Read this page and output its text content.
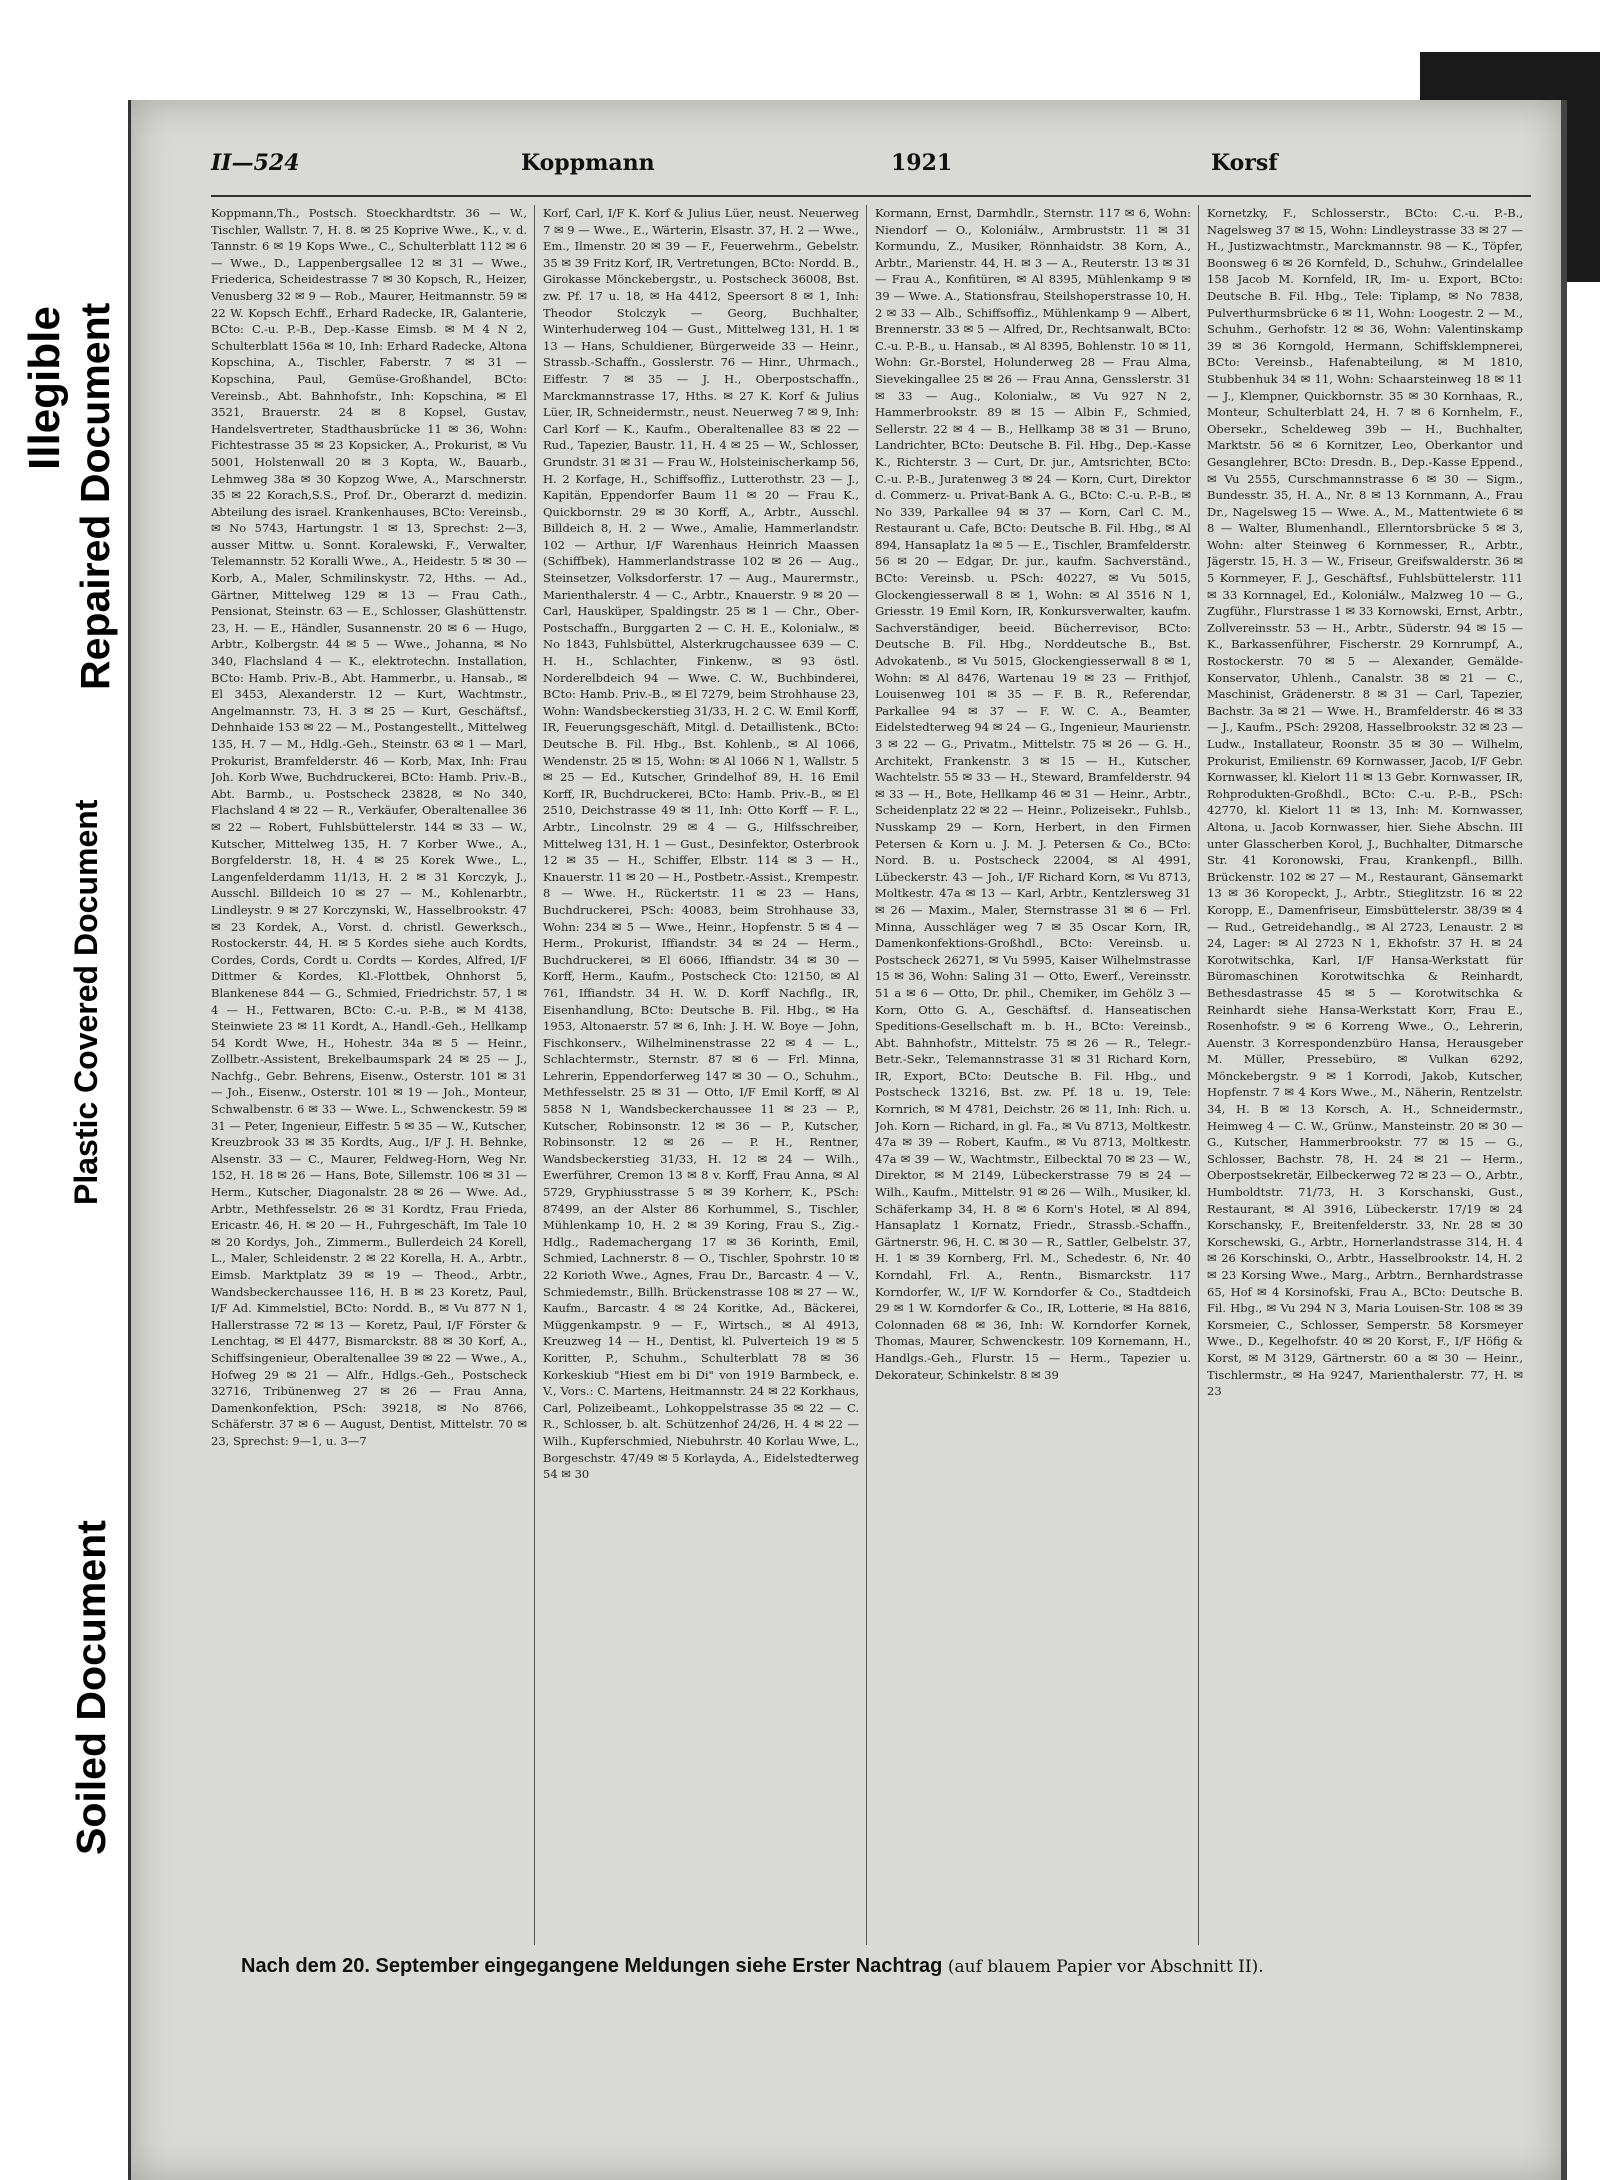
Illegible Repaired Document
Plastic Covered Document
Soiled Document
II—524	Koppmann	1921	Korsf

Koppmann,Th., Postsch. Stoeckhardtstr. 36 — W., Tischler, Wallstr. 7, H. 8. ✉ 25 Koprive Wwe., K., v. d. Tannstr. 6 ✉ 19 Kops Wwe., C., Schulterblatt 112 ✉ 6 — Wwe., D., Lappenbergsallee 12 ✉ 31 — Wwe., Friederica, Scheidestrasse 7 ✉ 30 Kopsch, R., Heizer, Venusberg 32 ✉ 9 — Rob., Maurer, Heitmannstr. 59 ✉ 22 W. Kopsch Echff., Erhard Radecke, IR, Galanterie, BCto: C.-u. P.-B., Dep.-Kasse Eimsb. ✉ M 4 N 2, Schulterblatt 156a ✉ 10, Inh: Erhard Radecke, Altona Kopschina, A., Tischler, Faberstr. 7 ✉ 31 — Kopschina, Paul, Gemüse-Großhandel, BCto: Vereinsb., Abt. Bahnhofstr., Inh: Kopschina, ✉ El 3521, Brauerstr. 24 ✉ 8 Kopsel, Gustav, Handelsvertreter, Stadthausbrücke 11 ✉ 36, Wohn: Fichtestrasse 35 ✉ 23 Kopsicker, A., Prokurist, ✉ Vu 5001, Holstenwall 20 ✉ 3 Kopta, W., Bauarb., Lehmweg 38a ✉ 30 Kopzog Wwe, A., Marschnerstr. 35 ✉ 22 Korach,S.S., Prof. Dr., Oberarzt d. medizin. Abteilung des israel. Krankenhauses, BCto: Vereinsb., ✉ No 5743, Hartungstr. 1 ✉ 13, Sprechst: 2—3, ausser Mittw. u. Sonnt. Koralewski, F., Verwalter, Telemannstr. 52 Koralli Wwe., A., Heidestr. 5 ✉ 30 — Korb, A., Maler, Schmilinskystr. 72, Hths. — Ad., Gärtner, Mittelweg 129 ✉ 13 — Frau Cath., Pensionat, Steinstr. 63 — E., Schlosser, Glashüttenstr. 23, H. — E., Händler, Susannenstr. 20 ✉ 6 — Hugo, Arbtr., Kolbergstr. 44 ✉ 5 — Wwe., Johanna, ✉ No 340, Flachsland 4 — K., elektrotechn. Installation, BCto: Hamb. Priv.-B., Abt. Hammerbr., u. Hansab., ✉ El 3453, Alexanderstr. 12 — Kurt, Wachtmstr., Angelmannstr. 73, H. 3 ✉ 25 — Kurt, Geschäftsf., Dehnhaide 153 ✉ 22 — M., Postangestellt., Mittelweg 135, H. 7 — M., Hdlg.-Geh., Steinstr. 63 ✉ 1 — Marl, Prokurist, Bramfelderstr. 46 — Korb, Max, Inh: Frau Joh. Korb Wwe, Buchdruckerei, BCto: Hamb. Priv.-B., Abt. Barmb., u. Postscheck 23828, ✉ No 340, Flachsland 4 ✉ 22 — R., Verkäufer, Oberaltenallee 36 ✉ 22 — Robert, Fuhlsbüttelerstr. 144 ✉ 33 — W., Kutscher, Mittelweg 135, H. 7 Korber Wwe., A., Borgfelderstr. 18, H. 4 ✉ 25 Korek Wwe., L., Langenfelderdamm 11/13, H. 2 ✉ 31 Korczyk, J., Ausschl. Billdeich 10 ✉ 27 — M., Kohlenarbtr., Lindleystr. 9 ✉ 27 Korczynski, W., Hasselbrookstr. 47 ✉ 23 Kordek, A., Vorst. d. christl. Gewerksch., Rostockerstr. 44, H. ✉ 5 Kordes siehe auch Kordts, Cordes, Cords, Cordt u. Cordts — Kordes, Alfred, I/F Dittmer & Kordes, Kl.-Flottbek, Ohnhorst 5, Blankenese 844 — G., Schmied, Friedrichstr. 57, 1 ✉ 4 — H., Fettwaren, BCto: C.-u. P.-B., ✉ M 4138, Steinwiete 23 ✉ 11 Kordt, A., Handl.-Geh., Hellkamp 54 Kordt Wwe, H., Hohestr. 34a ✉ 5 — Heinr., Zollbetr.-Assistent, Brekelbaumspark 24 ✉ 25 — J., Nachfg., Gebr. Behrens, Eisenw., Osterstr. 101 ✉ 31 — Joh., Eisenw., Osterstr. 101 ✉ 19 — Joh., Monteur, Schwalbenstr. 6 ✉ 33 — Wwe. L., Schwenckestr. 59 ✉ 31 — Peter, Ingenieur, Eiffestr. 5 ✉ 35 — W., Kutscher, Kreuzbrook 33 ✉ 35 Kordts, Aug., I/F J. H. Behnke, Alsenstr. 33 — C., Maurer, Feldweg-Horn, Weg Nr. 152, H. 18 ✉ 26 — Hans, Bote, Sillemstr. 106 ✉ 31 — Herm., Kutscher, Diagonalstr. 28 ✉ 26 — Wwe. Ad., Arbtr., Methfesselstr. 26 ✉ 31 Kordtz, Frau Frieda, Ericastr. 46, H. ✉ 20 — H., Fuhrgeschäft, Im Tale 10 ✉ 20 Kordys, Joh., Zimmerm., Bullerdeich 24 Korell, L., Maler, Schleidenstr. 2 ✉ 22 Korella, H. A., Arbtr., Eimsb. Marktplatz 39 ✉ 19 — Theod., Arbtr., Wandsbeckerchaussee 116, H. B ✉ 23 Koretz, Paul, I/F Ad. Kimmelstiel, BCto: Nordd. B., ✉ Vu 877 N 1, Hallerstrasse 72 ✉ 13 — Koretz, Paul, I/F Förster & Lenchtag, ✉ El 4477, Bismarckstr. 88 ✉ 30 Korf, A., Schiffsingenieur, Oberaltenallee 39 ✉ 22 — Wwe., A., Hofweg 29 ✉ 21 — Alfr., Hdlgs.-Geh., Postscheck 32716, Tribünenweg 27 ✉ 26 — Frau Anna, Damenkonfektion, PSch: 39218, ✉ No 8766, Schäferstr. 37 ✉ 6 — August, Dentist, Mittelstr. 70 ✉ 23, Sprechst: 9—1, u. 3—7

Korf, Carl, I/F K. Korf & Julius Lüer, neust. Neuerweg 7 ✉ 9 — Wwe., E., Wärterin, Elsastr. 37, H. 2 — Wwe., Em., Ilmenstr. 20 ✉ 39 — F., Feuerwehrm., Gebelstr. 35 ✉ 39 Fritz Korf, IR, Vertretungen, BCto: Nordd. B., Girokasse Mönckebergstr., u. Postscheck 36008, Bst. zw. Pf. 17 u. 18, ✉ Ha 4412, Speersort 8 ✉ 1, Inh: Theodor Stolczyk — Georg, Buchhalter, Winterhuderweg 104 — Gust., Mittelweg 131, H. 1 ✉ 13 — Hans, Schuldiener, Bürgerweide 33 — Heinr., Strassb.-Schaffn., Gosslerstr. 76 — Hinr., Uhrmach., Eiffestr. 7 ✉ 35 — J. H., Oberpostschaffn., Marckmannstrasse 17, Hths. ✉ 27 K. Korf & Julius Lüer, IR, Schneidermstr., neust. Neuerweg 7 ✉ 9, Inh: Carl Korf — K., Kaufm., Oberaltenallee 83 ✉ 22 — Rud., Tapezier, Baustr. 11, H. 4 ✉ 25 — W., Schlosser, Grundstr. 31 ✉ 31 — Frau W., Holsteinischerkamp 56, H. 2 Korfage, H., Schiffsoffiz., Lutterothstr. 23 — J., Kapitän, Eppendorfer Baum 11 ✉ 20 — Frau K., Quickbornstr. 29 ✉ 30 Korff, A., Arbtr., Ausschl. Billdeich 8, H. 2 — Wwe., Amalie, Hammerlandstr. 102 — Arthur, I/F Warenhaus Heinrich Maassen (Schiffbek), Hammerlandstrasse 102 ✉ 26 — Aug., Steinsetzer, Volksdorferstr. 17 — Aug., Maurermstr., Marienthalerstr. 4 — C., Arbtr., Knauerstr. 9 ✉ 20 — Carl, Hausküper, Spaldingstr. 25 ✉ 1 — Chr., Ober-Postschaffn., Burggarten 2 — C. H. E., Kolonialw., ✉ No 1843, Fuhlsbüttel, Alsterkrugchaussee 639 — C. H. H., Schlachter, Finkenw., ✉ 93 östl. Norderelbdeich 94 — Wwe. C. W., Buchbinderei, BCto: Hamb. Priv.-B., ✉ El 7279, beim Strohhause 23, Wohn: Wandsbeckerstieg 31/33, H. 2 C. W. Emil Korff, IR, Feuerungsgeschäft, Mitgl. d. Detaillistenk., BCto: Deutsche B. Fil. Hbg., Bst. Kohlenb., ✉ Al 1066, Wendenstr. 25 ✉ 15, Wohn: ✉ Al 1066 N 1, Wallstr. 5 ✉ 25 — Ed., Kutscher, Grindelhof 89, H. 16 Emil Korff, IR, Buchdruckerei, BCto: Hamb. Priv.-B., ✉ El 2510, Deichstrasse 49 ✉ 11, Inh: Otto Korff — F. L., Arbtr., Lincolnstr. 29 ✉ 4 — G., Hilfsschreiber, Mittelweg 131, H. 1 — Gust., Desinfektor, Osterbrook 12 ✉ 35 — H., Schiffer, Elbstr. 114 ✉ 3 — H., Knauerstr. 11 ✉ 20 — H., Postbetr.-Assist., Krempestr. 8 — Wwe. H., Rückertstr. 11 ✉ 23 — Hans, Buchdruckerei, PSch: 40083, beim Strohhause 33, Wohn: 234 ✉ 5 — Wwe., Heinr., Hopfenstr. 5 ✉ 4 — Herm., Prokurist, Iffiandstr. 34 ✉ 24 — Herm., Buchdruckerei, ✉ El 6066, Iffiandstr. 34 ✉ 30 — Korff, Herm., Kaufm., Postscheck Cto: 12150, ✉ Al 761, Iffiandstr. 34 H. W. D. Korff Nachflg., IR, Eisenhandlung, BCto: Deutsche B. Fil. Hbg., ✉ Ha 1953, Altonaerstr. 57 ✉ 6, Inh: J. H. W. Boye — John, Fischkonserv., Wilhelminenstrasse 22 ✉ 4 — L., Schlachtermstr., Sternstr. 87 ✉ 6 — Frl. Minna, Lehrerin, Eppendorferweg 147 ✉ 30 — O., Schuhm., Methfesselstr. 25 ✉ 31 — Otto, I/F Emil Korff, ✉ Al 5858 N 1, Wandsbeckerchaussee 11 ✉ 23 — P., Kutscher, Robinsonstr. 12 ✉ 36 — P., Kutscher, Robinsonstr. 12 ✉ 26 — P. H., Rentner, Wandsbeckerstieg 31/33, H. 12 ✉ 24 — Wilh., Ewerführer, Cremon 13 ✉ 8 v. Korff, Frau Anna, ✉ Al 5729, Gryphiusstrasse 5 ✉ 39 Korherr, K., PSch: 87499, an der Alster 86 Korhummel, S., Tischler, Mühlenkamp 10, H. 2 ✉ 39 Koring, Frau S., Zig.-Hdlg., Rademachergang 17 ✉ 36 Korinth, Emil, Schmied, Lachnerstr. 8 — O., Tischler, Spohrstr. 10 ✉ 22 Korioth Wwe., Agnes, Frau Dr., Barcastr. 4 — V., Schmiedemstr., Billh. Brückenstrasse 108 ✉ 27 — W., Kaufm., Barcastr. 4 ✉ 24 Koritke, Ad., Bäckerei, Müggenkampstr. 9 — F., Wirtsch., ✉ Al 4913, Kreuzweg 14 — H., Dentist, kl. Pulverteich 19 ✉ 5 Koritter, P., Schuhm., Schulterblatt 78 ✉ 36 Korkeskiub "Hiest em bi Di" von 1919 Barmbeck, e. V., Vors.: C. Martens, Heitmannstr. 24 ✉ 22 Korkhaus, Carl, Polizeibeamt., Lohkoppelstrasse 35 ✉ 22 — C. R., Schlosser, b. alt. Schützenhof 24/26, H. 4 ✉ 22 — Wilh., Kupferschmied, Niebuhrstr. 40 Korlau Wwe, L., Borgeschstr. 47/49 ✉ 5 Korlayda, A., Eidelstedterweg 54 ✉ 30

Kormann, Ernst, Darmhdlr., Sternstr. 117 ✉ 6, Wohn: Niendorf — O., Koloniálw., Armbruststr. 11 ✉ 31 Kormundu, Z., Musiker, Rönnhaidstr. 38 Korn, A., Arbtr., Marienstr. 44, H. ✉ 3 — A., Reuterstr. 13 ✉ 31 — Frau A., Konfitüren, ✉ Al 8395, Mühlenkamp 9 ✉ 39 — Wwe. A., Stationsfrau, Steilshoperstrasse 10, H. 2 ✉ 33 — Alb., Schiffsoffiz., Mühlenkamp 9 — Albert, Brennerstr. 33 ✉ 5 — Alfred, Dr., Rechtsanwalt, BCto: C.-u. P.-B., u. Hansab., ✉ Al 8395, Bohlenstr. 10 ✉ 11, Wohn: Gr.-Borstel, Holunderweg 28 — Frau Alma, Sievekingallee 25 ✉ 26 — Frau Anna, Gensslerstr. 31 ✉ 33 — Aug., Kolonialw., ✉ Vu 927 N 2, Hammerbrookstr. 89 ✉ 15 — Albin F., Schmied, Sellerstr. 22 ✉ 4 — B., Hellkamp 38 ✉ 31 — Bruno, Landrichter, BCto: Deutsche B. Fil. Hbg., Dep.-Kasse K., Richterstr. 3 — Curt, Dr. jur., Amtsrichter, BCto: C.-u. P.-B., Juratenweg 3 ✉ 24 — Korn, Curt, Direktor d. Commerz- u. Privat-Bank A. G., BCto: C.-u. P.-B., ✉ No 339, Parkallee 94 ✉ 37 — Korn, Carl C. M., Restaurant u. Cafe, BCto: Deutsche B. Fil. Hbg., ✉ Al 894, Hansaplatz 1a ✉ 5 — E., Tischler, Bramfelderstr. 56 ✉ 20 — Edgar, Dr. jur., kaufm. Sachverständ., BCto: Vereinsb. u. PSch: 40227, ✉ Vu 5015, Glockengiesserwall 8 ✉ 1, Wohn: ✉ Al 3516 N 1, Griesstr. 19 Emil Korn, IR, Konkursverwalter, kaufm. Sachverständiger, beeid. Bücherrevisor, BCto: Deutsche B. Fil. Hbg., Norddeutsche B., Bst. Advokatenb., ✉ Vu 5015, Glockengiesserwall 8 ✉ 1, Wohn: ✉ Al 8476, Wartenau 19 ✉ 23 — Frithjof, Louisenweg 101 ✉ 35 — F. B. R., Referendar, Parkallee 94 ✉ 37 — F. W. C. A., Beamter, Eidelstedterweg 94 ✉ 24 — G., Ingenieur, Maurienstr. 3 ✉ 22 — G., Privatm., Mittelstr. 75 ✉ 26 — G. H., Architekt, Frankenstr. 3 ✉ 15 — H., Kutscher, Wachtelstr. 55 ✉ 33 — H., Steward, Bramfelderstr. 94 ✉ 33 — H., Bote, Hellkamp 46 ✉ 31 — Heinr., Arbtr., Scheidenplatz 22 ✉ 22 — Heinr., Polizeisekr., Fuhlsb., Nusskamp 29 — Korn, Herbert, in den Firmen Petersen & Korn u. J. M. J. Petersen & Co., BCto: Nord. B. u. Postscheck 22004, ✉ Al 4991, Lübeckerstr. 43 — Joh., I/F Richard Korn, ✉ Vu 8713, Moltkestr. 47a ✉ 13 — Karl, Arbtr., Kentzlersweg 31 ✉ 26 — Maxim., Maler, Sternstrasse 31 ✉ 6 — Frl. Minna, Ausschläger weg 7 ✉ 35 Oscar Korn, IR, Damenkonfektions-Großhdl., BCto: Vereinsb. u. Postscheck 26271, ✉ Vu 5995, Kaiser Wilhelmstrasse 15 ✉ 36, Wohn: Saling 31 — Otto, Ewerf., Vereinsstr. 51 a ✉ 6 — Otto, Dr. phil., Chemiker, im Gehölz 3 — Korn, Otto G. A., Geschäftsf. d. Hanseatischen Speditions-Gesellschaft m. b. H., BCto: Vereinsb., Abt. Bahnhofstr., Mittelstr. 75 ✉ 26 — R., Telegr.-Betr.-Sekr., Telemannstrasse 31 ✉ 31 Richard Korn, IR, Export, BCto: Deutsche B. Fil. Hbg., und Postscheck 13216, Bst. zw. Pf. 18 u. 19, Tele: Kornrich, ✉ M 4781, Deichstr. 26 ✉ 11, Inh: Rich. u. Joh. Korn — Richard, in gl. Fa., ✉ Vu 8713, Moltkestr. 47a ✉ 39 — Robert, Kaufm., ✉ Vu 8713, Moltkestr. 47a ✉ 39 — W., Wachtmstr., Eilbecktal 70 ✉ 23 — W., Direktor, ✉ M 2149, Lübeckerstrasse 79 ✉ 24 — Wilh., Kaufm., Mittelstr. 91 ✉ 26 — Wilh., Musiker, kl. Schäferkamp 34, H. 8 ✉ 6 Korn's Hotel, ✉ Al 894, Hansaplatz 1 Kornatz, Friedr., Strassb.-Schaffn., Gärtnerstr. 96, H. C. ✉ 30 — R., Sattler, Gelbelstr. 37, H. 1 ✉ 39 Kornberg, Frl. M., Schedestr. 6, Nr. 40 Korndahl, Frl. A., Rentn., Bismarckstr. 117 Korndorfer, W., I/F W. Korndorfer & Co., Stadtdeich 29 ✉ 1 W. Korndorfer & Co., IR, Lotterie, ✉ Ha 8816, Colonnaden 68 ✉ 36, Inh: W. Korndorfer Kornek, Thomas, Maurer, Schwenckestr. 109 Kornemann, H., Handlgs.-Geh., Flurstr. 15 — Herm., Tapezier u. Dekorateur, Schinkelstr. 8 ✉ 39

Kornetzky, F., Schlosserstr., BCto: C.-u. P.-B., Nagelsweg 37 ✉ 15, Wohn: Lindleystrasse 33 ✉ 27 — H., Justizwachtmstr., Marckmannstr. 98 — K., Töpfer, Boonsweg 6 ✉ 26 Kornfeld, D., Schuhw., Grindelallee 158 Jacob M. Kornfeld, IR, Im- u. Export, BCto: Deutsche B. Fil. Hbg., Tele: Tiplamp, ✉ No 7838, Pulverthurmsbrücke 6 ✉ 11, Wohn: Loogestr. 2 — M., Schuhm., Gerhofstr. 12 ✉ 36, Wohn: Valentinskamp 39 ✉ 36 Korngold, Hermann, Schiffsklempnerei, BCto: Vereinsb., Hafenabteilung, ✉ M 1810, Stubbenhuk 34 ✉ 11, Wohn: Schaarsteinweg 18 ✉ 11 — J., Klempner, Quickbornstr. 35 ✉ 30 Kornhaas, R., Monteur, Schulterblatt 24, H. 7 ✉ 6 Kornhelm, F., Obersekr., Scheldeweg 39b — H., Buchhalter, Marktstr. 56 ✉ 6 Kornitzer, Leo, Oberkantor und Gesanglehrer, BCto: Dresdn. B., Dep.-Kasse Eppend., ✉ Vu 2555, Curschmannstrasse 6 ✉ 30 — Sigm., Bundesstr. 35, H. A., Nr. 8 ✉ 13 Kornmann, A., Frau Dr., Nagelsweg 15 — Wwe. A., M., Mattentwiete 6 ✉ 8 — Walter, Blumenhandl., Ellerntorsbrücke 5 ✉ 3, Wohn: alter Steinweg 6 Kornmesser, R., Arbtr., Jägerstr. 15, H. 3 — W., Friseur, Greifswalderstr. 36 ✉ 5 Kornmeyer, F. J., Geschäftsf., Fuhlsbüttelerstr. 111 ✉ 33 Kornnagel, Ed., Koloniálw., Malzweg 10 — G., Zugführ., Flurstrasse 1 ✉ 33 Kornowski, Ernst, Arbtr., Zollvereinsstr. 53 — H., Arbtr., Süderstr. 94 ✉ 15 — K., Barkassenführer, Fischerstr. 29 Kornrumpf, A., Rostockerstr. 70 ✉ 5 — Alexander, Gemälde-Konservator, Uhlenh., Canalstr. 38 ✉ 21 — C., Maschinist, Grädenerstr. 8 ✉ 31 — Carl, Tapezier, Bachstr. 3a ✉ 21 — Wwe. H., Bramfelderstr. 46 ✉ 33 — J., Kaufm., PSch: 29208, Hasselbrookstr. 32 ✉ 23 — Ludw., Installateur, Roonstr. 35 ✉ 30 — Wilhelm, Prokurist, Emilienstr. 69 Kornwasser, Jacob, I/F Gebr. Kornwasser, kl. Kielort 11 ✉ 13 Gebr. Kornwasser, IR, Rohprodukten-Großhdl., BCto: C.-u. P.-B., PSch: 42770, kl. Kielort 11 ✉ 13, Inh: M. Kornwasser, Altona, u. Jacob Kornwasser, hier. Siehe Abschn. III unter Glasscherben Korol, J., Buchhalter, Ditmarsche Str. 41 Koronowski, Frau, Krankenpfl., Billh. Brückenstr. 102 ✉ 27 — M., Restaurant, Gänsemarkt 13 ✉ 36 Koropeckt, J., Arbtr., Stieglitzstr. 16 ✉ 22 Koropp, E., Damenfriseur, Eimsbüttelerstr. 38/39 ✉ 4 — Rud., Getreidehandlg., ✉ Al 2723, Lenaustr. 2 ✉ 24, Lager: ✉ Al 2723 N 1, Ekhofstr. 37 H. ✉ 24 Korotwitschka, Karl, I/F Hansa-Werkstatt für Büromaschinen Korotwitschka & Reinhardt, Bethesdastrasse 45 ✉ 5 — Korotwitschka & Reinhardt siehe Hansa-Werkstatt Korr, Frau E., Rosenhofstr. 9 ✉ 6 Korreng Wwe., O., Lehrerin, Auenstr. 3 Korrespondenzbüro Hansa, Herausgeber M. Müller, Pressebüro, ✉ Vulkan 6292, Mönckebergstr. 9 ✉ 1 Korrodi, Jakob, Kutscher, Hopfenstr. 7 ✉ 4 Kors Wwe., M., Näherin, Rentzelstr. 34, H. B ✉ 13 Korsch, A. H., Schneidermstr., Heimweg 4 — C. W., Grünw., Mansteinstr. 20 ✉ 30 — G., Kutscher, Hammerbrookstr. 77 ✉ 15 — G., Schlosser, Bachstr. 78, H. 24 ✉ 21 — Herm., Oberpostsekretär, Eilbeckerweg 72 ✉ 23 — O., Arbtr., Humboldtstr. 71/73, H. 3 Korschanski, Gust., Restaurant, ✉ Al 3916, Lübeckerstr. 17/19 ✉ 24 Korschansky, F., Breitenfelderstr. 33, Nr. 28 ✉ 30 Korschewski, G., Arbtr., Hornerlandstrasse 314, H. 4 ✉ 26 Korschinski, O., Arbtr., Hasselbrookstr. 14, H. 2 ✉ 23 Korsing Wwe., Marg., Arbtrn., Bernhardstrasse 65, Hof ✉ 4 Korsinofski, Frau A., BCto: Deutsche B. Fil. Hbg., ✉ Vu 294 N 3, Maria Louisen-Str. 108 ✉ 39 Korsmeier, C., Schlosser, Semperstr. 58 Korsmeyer Wwe., D., Kegelhofstr. 40 ✉ 20 Korst, F., I/F Höfig & Korst, ✉ M 3129, Gärtnerstr. 60 a ✉ 30 — Heinr., Tischlermstr., ✉ Ha 9247, Marienthalerstr. 77, H. ✉ 23

Nach dem 20. September eingegangene Meldungen siehe Erster Nachtrag (auf blauem Papier vor Abschnitt II).
